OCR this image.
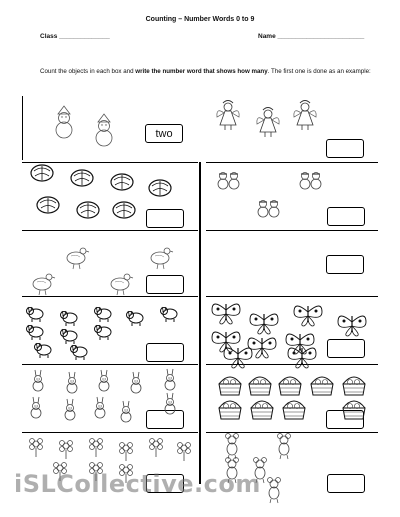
Counting – Number Words 0 to 9
Class ______________	Name ________________________
Count the objects in each box and write the number word that shows how many. The first one is done as an example:
two
iSLCollective.com
